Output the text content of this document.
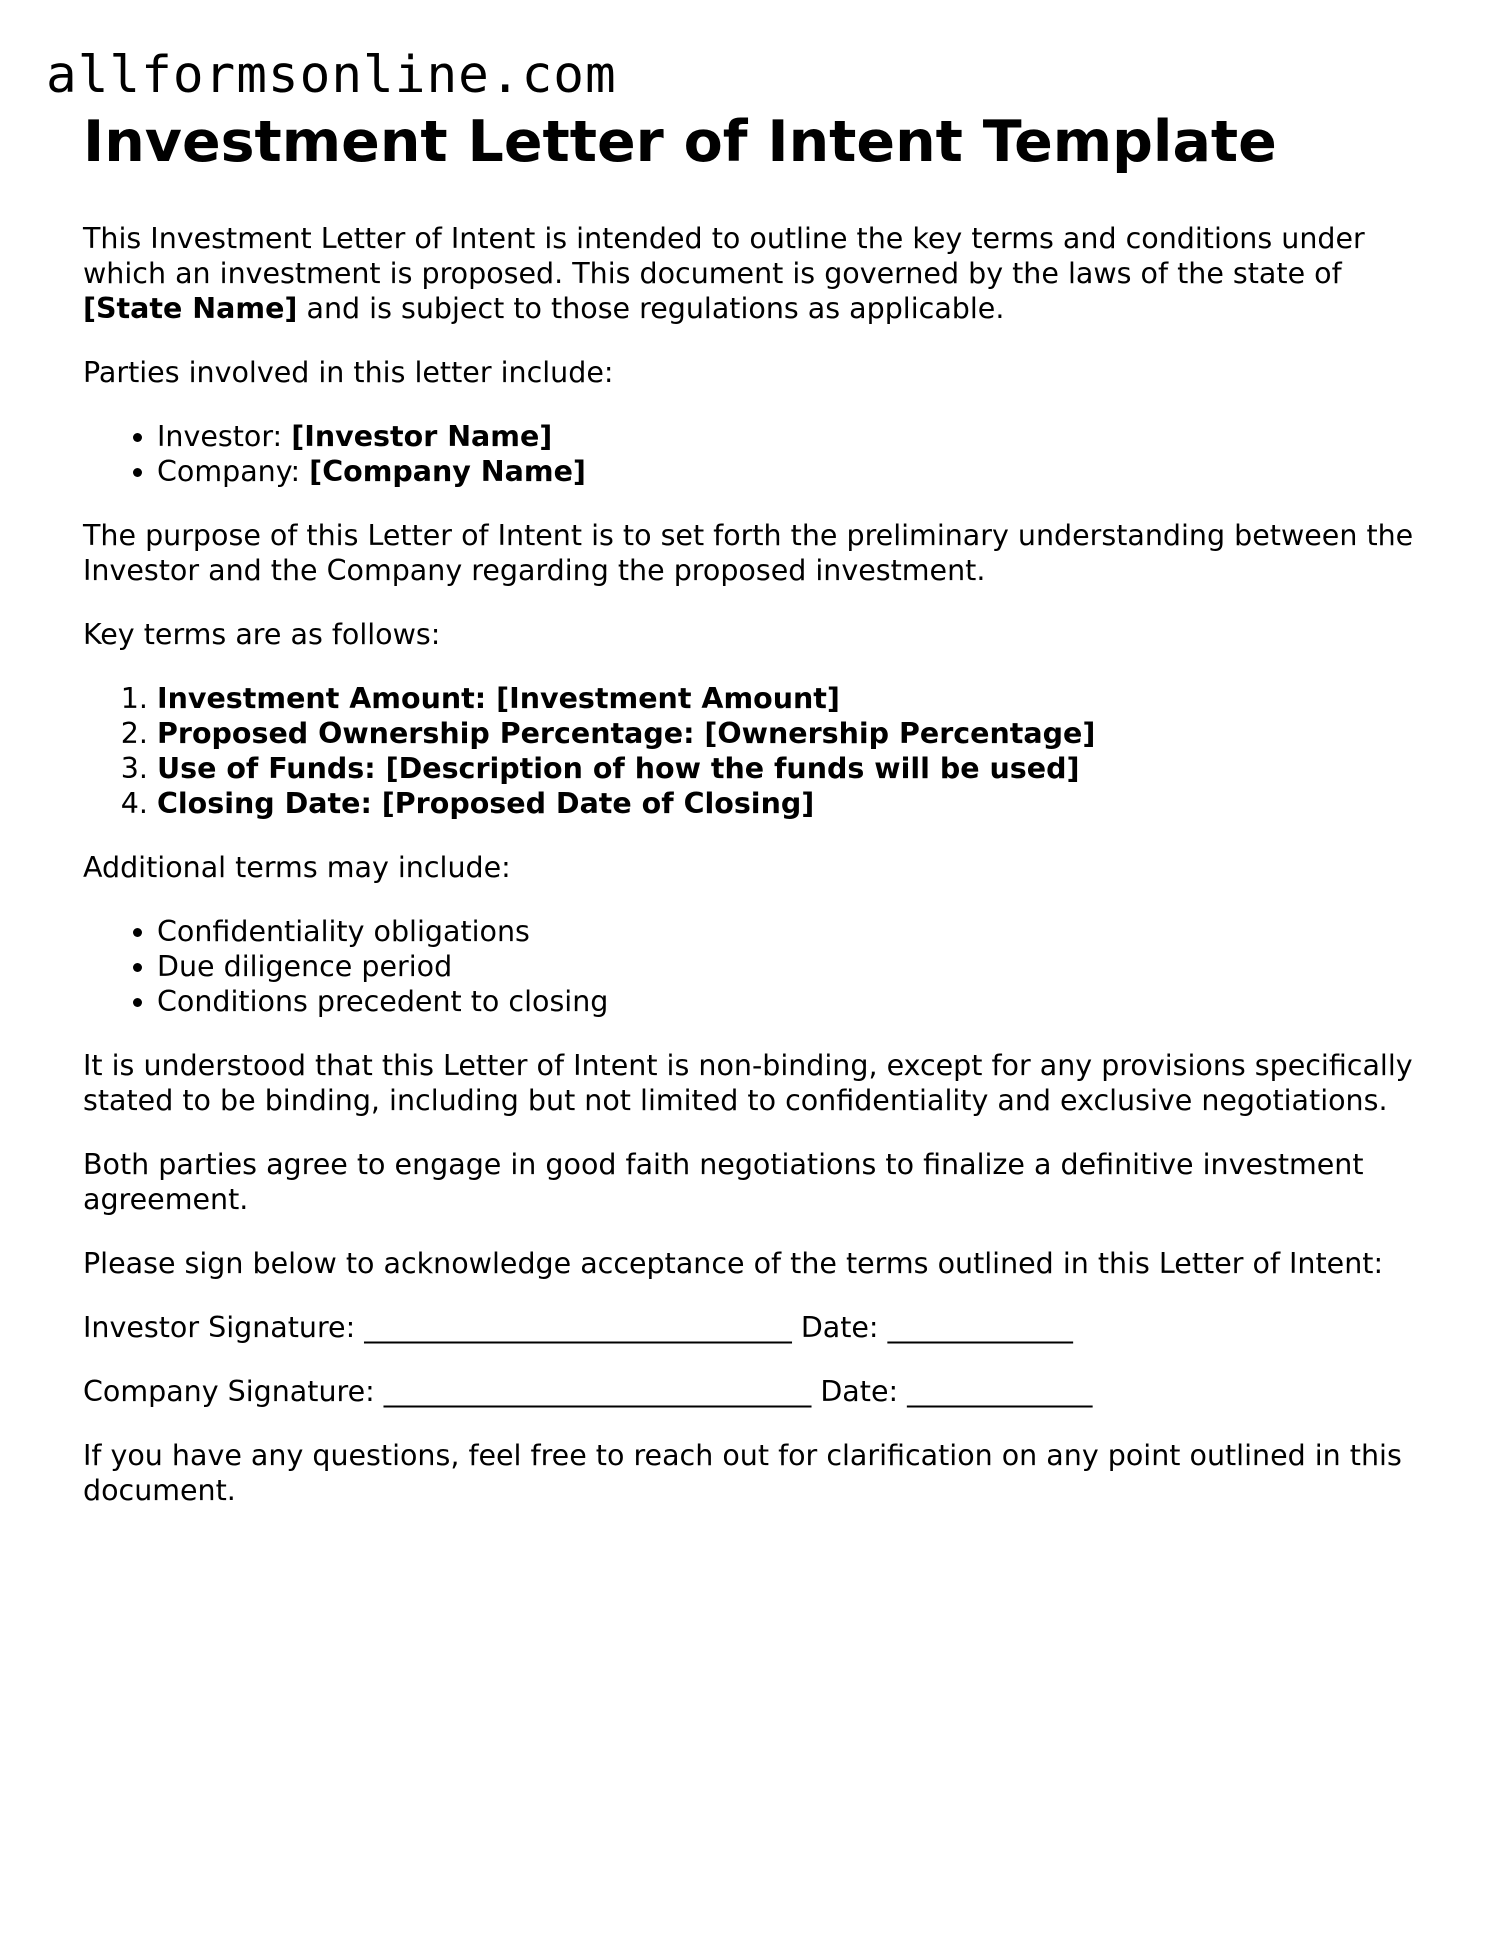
allformsonline.com
Investment Letter of Intent Template

This Investment Letter of Intent is intended to outline the key terms and conditions under which an investment is proposed. This document is governed by the laws of the state of [State Name] and is subject to those regulations as applicable.

Parties involved in this letter include:

• Investor: [Investor Name]
• Company: [Company Name]

The purpose of this Letter of Intent is to set forth the preliminary understanding between the Investor and the Company regarding the proposed investment.

Key terms are as follows:

1. Investment Amount: [Investment Amount]
2. Proposed Ownership Percentage: [Ownership Percentage]
3. Use of Funds: [Description of how the funds will be used]
4. Closing Date: [Proposed Date of Closing]

Additional terms may include:

• Confidentiality obligations
• Due diligence period
• Conditions precedent to closing

It is understood that this Letter of Intent is non-binding, except for any provisions specifically stated to be binding, including but not limited to confidentiality and exclusive negotiations.

Both parties agree to engage in good faith negotiations to finalize a definitive investment agreement.

Please sign below to acknowledge acceptance of the terms outlined in this Letter of Intent:

Investor Signature: ______________________________ Date: _____________

Company Signature: ______________________________ Date: _____________

If you have any questions, feel free to reach out for clarification on any point outlined in this document.
